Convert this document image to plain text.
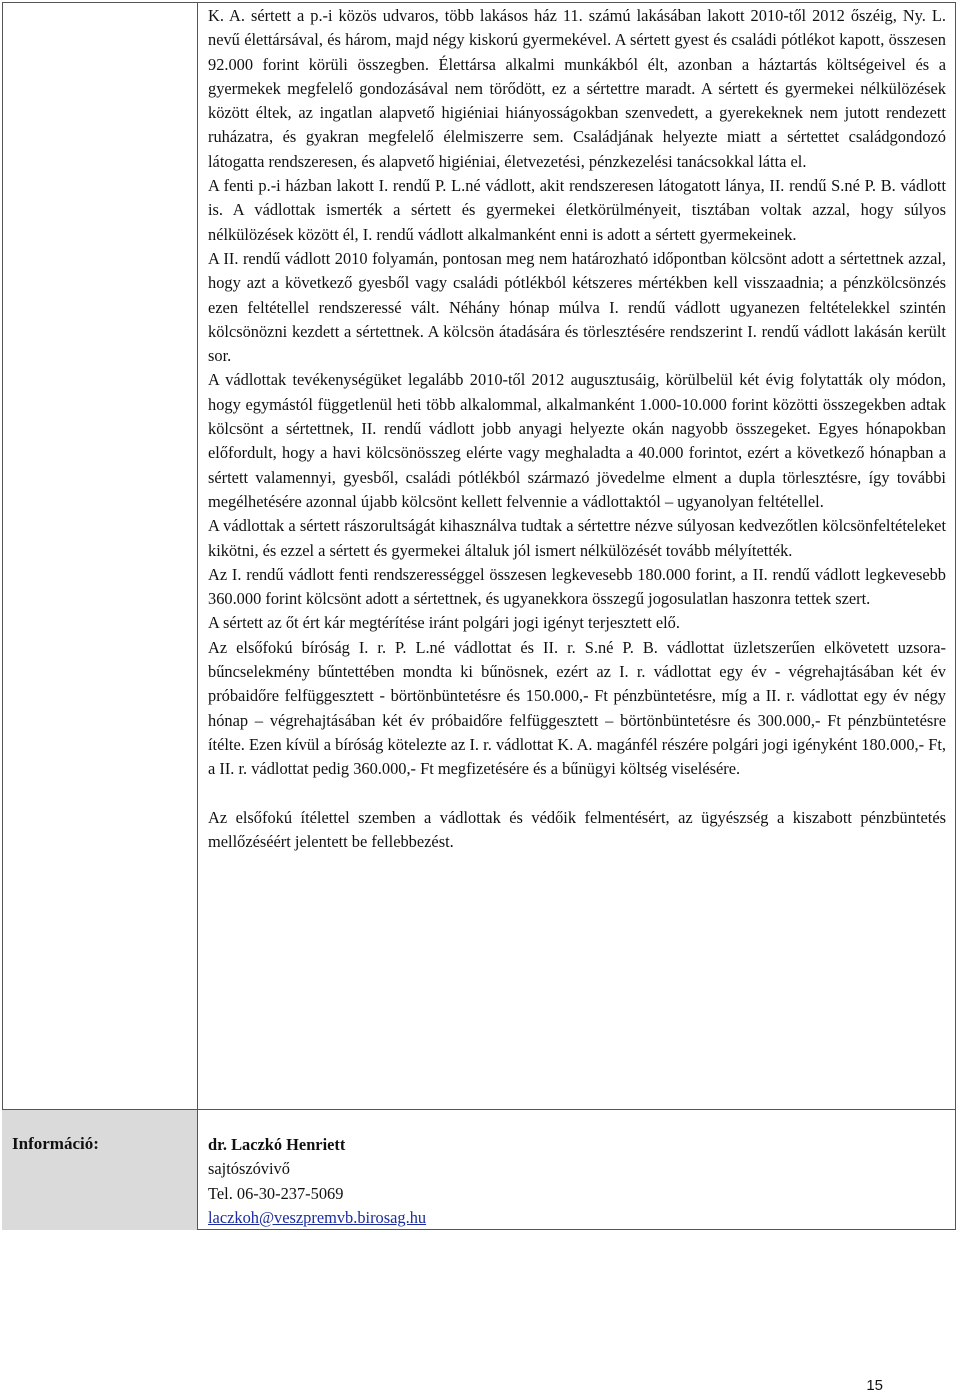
K. A. sértett a p.-i közös udvaros, több lakásos ház 11. számú lakásában lakott 2010-től 2012 őszéig, Ny. L. nevű élettársával, és három, majd négy kiskorú gyermekével. A sértett gyest és családi pótlékot kapott, összesen 92.000 forint körüli összegben. Élettársa alkalmi munkákból élt, azonban a háztartás költségeivel és a gyermekek megfelelő gondozásával nem törődött, ez a sértettre maradt. A sértett és gyermekei nélkülözések között éltek, az ingatlan alapvető higiéniai hiányosságokban szenvedett, a gyerekeknek nem jutott rendezett ruházatra, és gyakran megfelelő élelmiszerre sem. Családjának helyezte miatt a sértettet családgondozó látogatta rendszeresen, és alapvető higiéniai, életvezetési, pénzkezelési tanácsokkal látta el.

A fenti p.-i házban lakott I. rendű P. L.né vádlott, akit rendszeresen látogatott lánya, II. rendű S.né P. B. vádlott is. A vádlottak ismerték a sértett és gyermekei életkörülményeit, tisztában voltak azzal, hogy súlyos nélkülözések között él, I. rendű vádlott alkalmanként enni is adott a sértett gyermekeinek.

A II. rendű vádlott 2010 folyamán, pontosan meg nem határozható időpontban kölcsönt adott a sértettnek azzal, hogy azt a következő gyesből vagy családi pótlékból kétszeres mértékben kell visszaadnia; a pénzkölcsönzés ezen feltétellel rendszeressé vált. Néhány hónap múlva I. rendű vádlott ugyanezen feltételekkel szintén kölcsönözni kezdett a sértettnek. A kölcsön átadására és törlesztésére rendszerint I. rendű vádlott lakásán került sor.

A vádlottak tevékenységüket legalább 2010-től 2012 augusztusáig, körülbelül két évig folytatták oly módon, hogy egymástól függetlenül heti több alkalommal, alkalmanként 1.000-10.000 forint közötti összegekben adtak kölcsönt a sértettnek, II. rendű vádlott jobb anyagi helyezte okán nagyobb összegeket. Egyes hónapokban előfordult, hogy a havi kölcsönösszeg elérte vagy meghaladta a 40.000 forintot, ezért a következő hónapban a sértett valamennyi, gyesből, családi pótlékból származó jövedelme elment a dupla törlesztésre, így további megélhetésére azonnal újabb kölcsönt kellett felvennie a vádlottaktól – ugyanolyan feltétellel.

A vádlottak a sértett rászorultságát kihasználva tudtak a sértettre nézve súlyosan kedvezőtlen kölcsönfeltételeket kikötni, és ezzel a sértett és gyermekei általuk jól ismert nélkülözését tovább mélyítették.

Az I. rendű vádlott fenti rendszerességgel összesen legkevesebb 180.000 forint, a II. rendű vádlott legkevesebb 360.000 forint kölcsönt adott a sértettnek, és ugyanekkora összegű jogosulatlan haszonra tettek szert.

A sértett az őt ért kár megtérítése iránt polgári jogi igényt terjesztett elő.

Az elsőfokú bíróság I. r. P. L.né vádlottat és II. r. S.né P. B. vádlottat üzletszerűen elkövetett uzsora-bűncselekmény bűntettében mondta ki bűnösnek, ezért az I. r. vádlottat egy év - végrehajtásában két év próbaidőre felfüggesztett - börtönbüntetésre és 150.000,- Ft pénzbüntetésre, míg a II. r. vádlottat egy év négy hónap – végrehajtásában két év próbaidőre felfüggesztett – börtönbüntetésre és 300.000,- Ft pénzbüntetésre ítélte. Ezen kívül a bíróság kötelezte az I. r. vádlottat K. A. magánfél részére polgári jogi igényként 180.000,- Ft, a II. r. vádlottat pedig 360.000,- Ft megfizetésére és a bűnügyi költség viselésére.

Az elsőfokú ítélettel szemben a vádlottak és védőik felmentésért, az ügyészség a kiszabott pénzbüntetés mellőzéséért jelentett be fellebbezést.

Információ:	dr. Laczkó Henriett
sajtószóvivő
Tel. 06-30-237-5069
laczkoh@veszpremvb.birosag.hu
15
